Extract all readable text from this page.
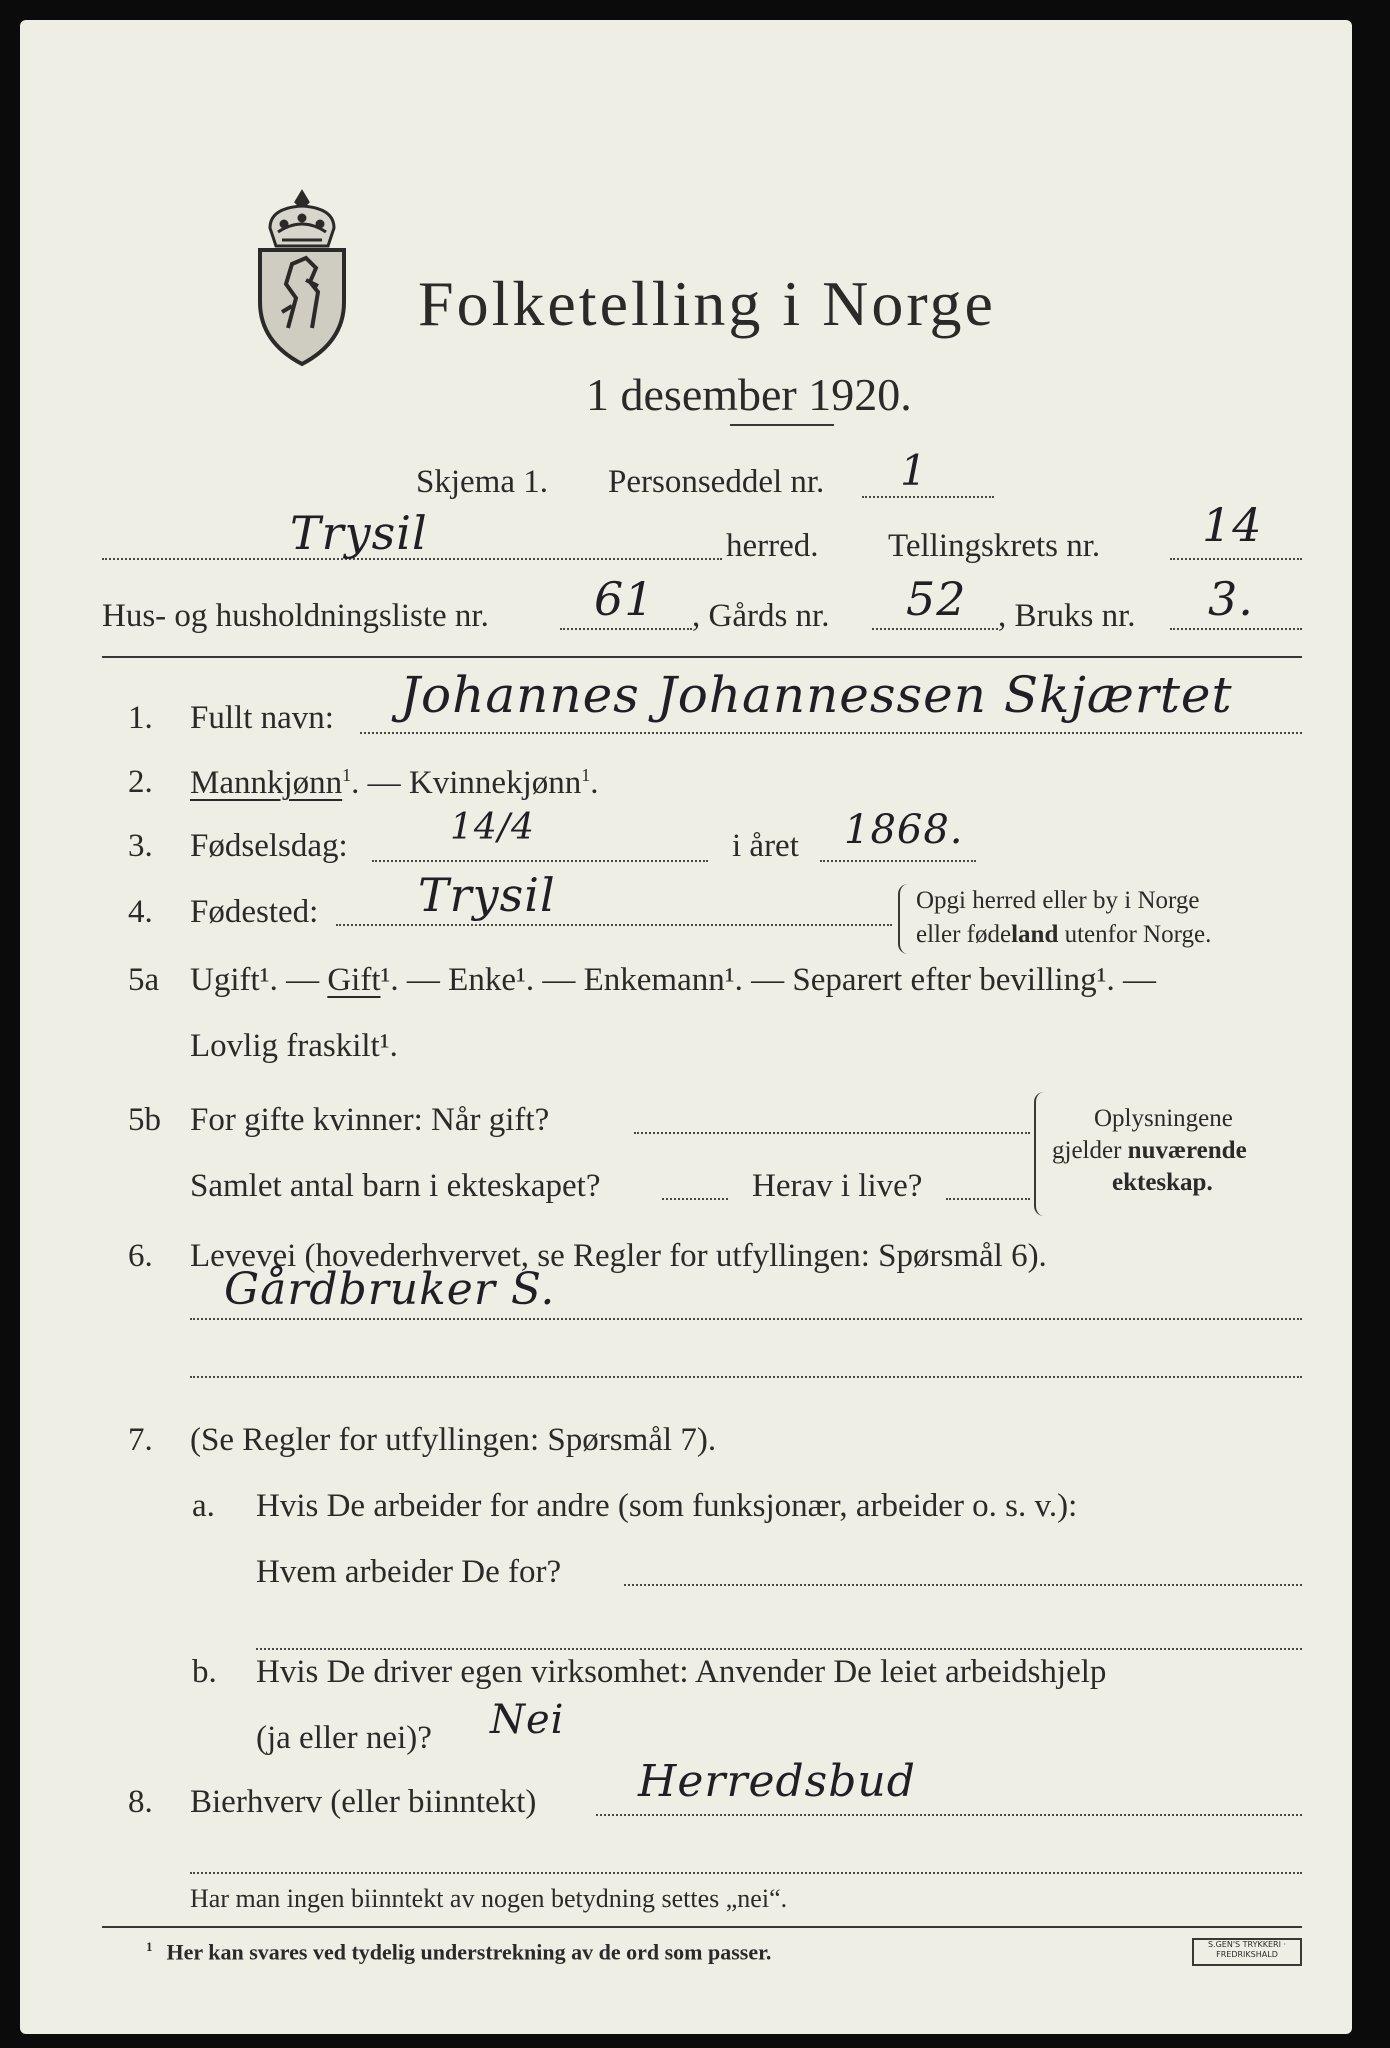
Folketelling i Norge
1 desember 1920.
Skjema 1. Personseddel nr. 1
Trysil	herred. Tellingskrets nr. 14
Hus- og husholdningsliste nr. 61 , Gårds nr. 52 , Bruks nr. 3.
1. Fullt navn: Johannes Johannessen Skjærtet
2. Mannkjønn$^1$. — Kvinnekjønn$^1$.
3. Fødselsdag:	14/4	i året 1868.
4. Fødested: Trysil	Opgi herred eller by i Norge
eller fødeland utenfor Norge.
5a Ugift¹. — Gift¹. — Enke¹. — Enkemann¹. — Separert efter bevilling¹. —
Lovlig fraskilt¹.
5b For gifte kvinner: Når gift?
Samlet antal barn i ekteskapet?	Herav i live?
Oplysningene
gjelder nuværende
ekteskap.
6. Levevei (hovederhvervet, se Regler for utfyllingen: Spørsmål 6).
Gårdbruker S.
7. (Se Regler for utfyllingen: Spørsmål 7).
a. Hvis De arbeider for andre (som funksjonær, arbeider o. s. v.):
Hvem arbeider De for?
b. Hvis De driver egen virksomhet: Anvender De leiet arbeidshjelp
(ja eller nei)? Nei
8. Bierhverv (eller biinntekt) Herredsbud
Har man ingen biinntekt av nogen betydning settes „nei“.
$^1$ Her kan svares ved tydelig understrekning av de ord som passer.	S.GEN'S TRYKKERI · FREDRIKSHALD
